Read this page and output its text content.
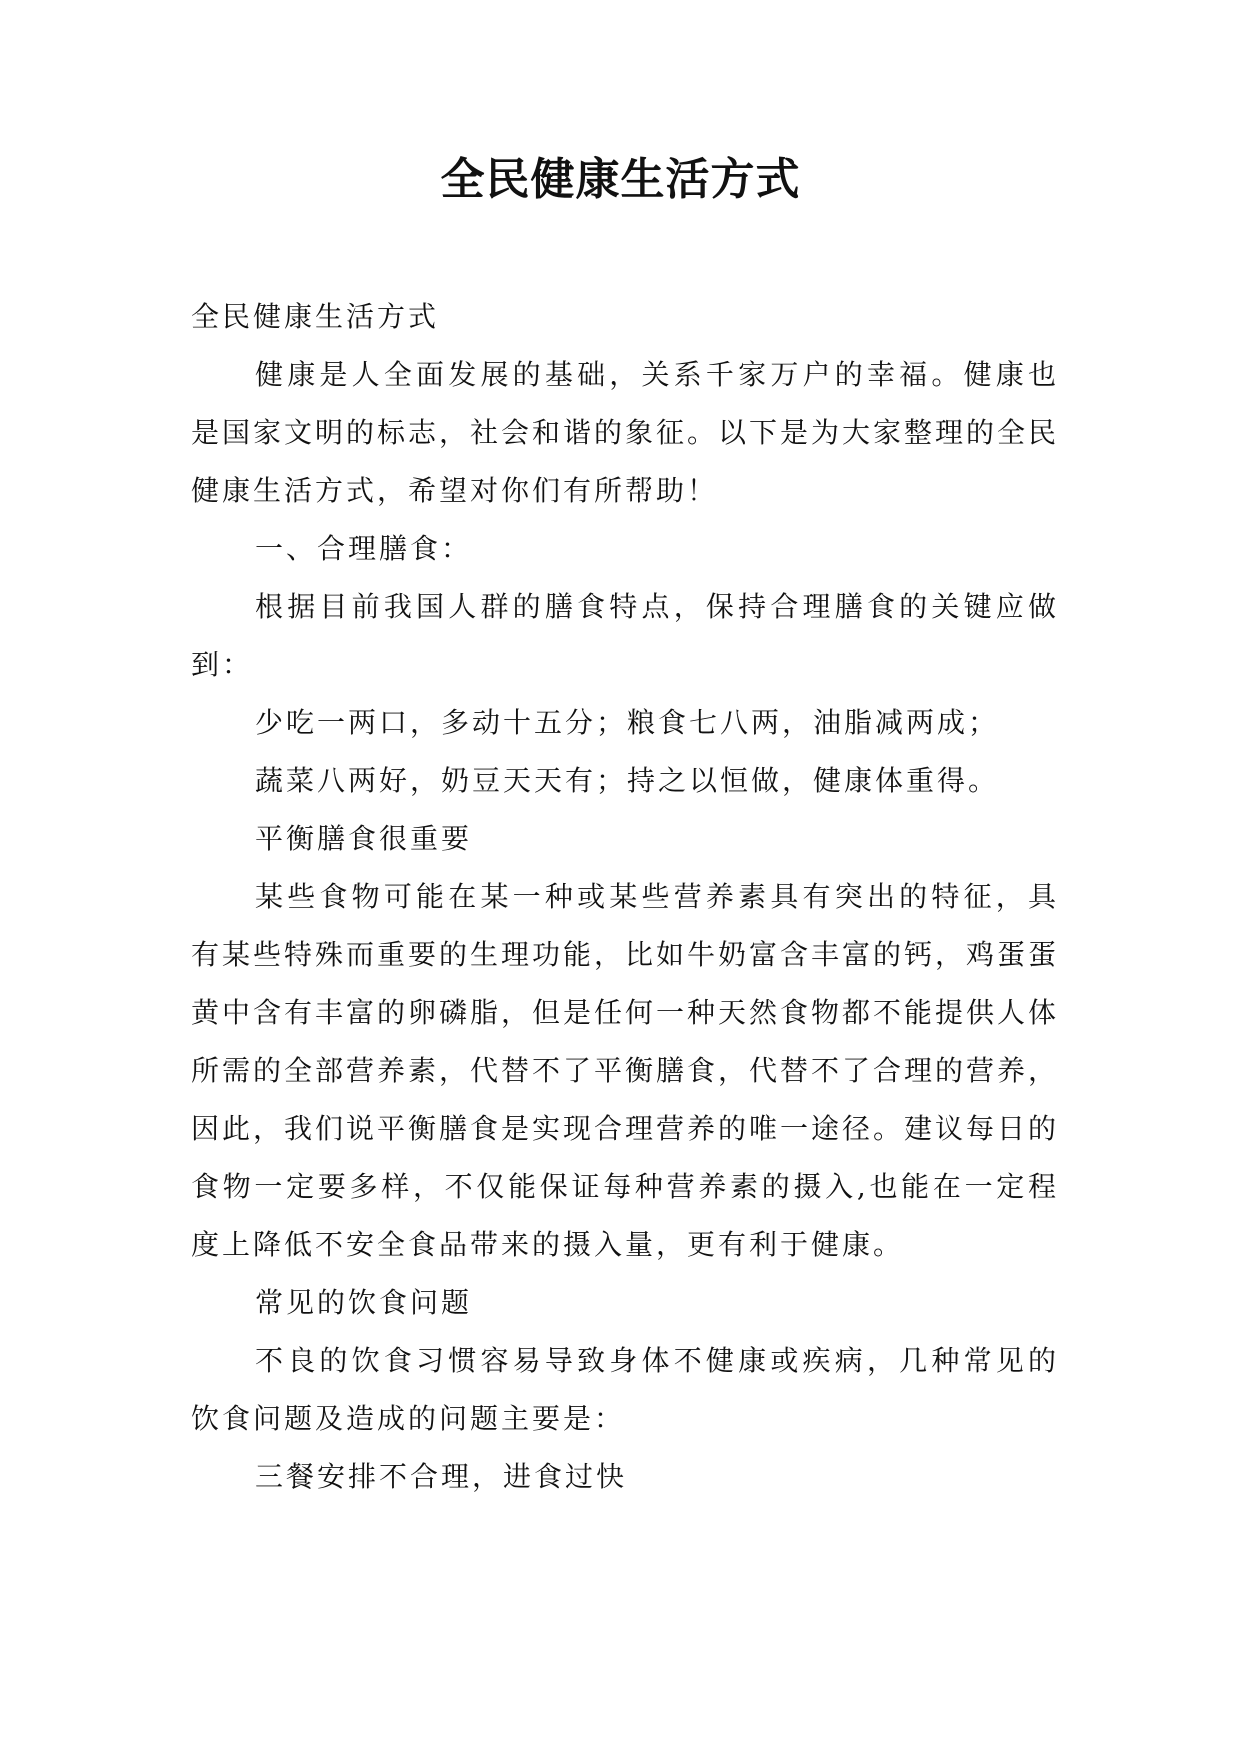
全民健康生活方式

全民健康生活方式

健康是人全面发展的基础，关系千家万户的幸福。健康也是国家文明的标志，社会和谐的象征。以下是为大家整理的全民健康生活方式，希望对你们有所帮助！

一、合理膳食：

根据目前我国人群的膳食特点，保持合理膳食的关键应做到：

少吃一两口，多动十五分；粮食七八两，油脂减两成；

蔬菜八两好，奶豆天天有；持之以恒做，健康体重得。

平衡膳食很重要

某些食物可能在某一种或某些营养素具有突出的特征，具有某些特殊而重要的生理功能，比如牛奶富含丰富的钙，鸡蛋蛋黄中含有丰富的卵磷脂，但是任何一种天然食物都不能提供人体所需的全部营养素，代替不了平衡膳食，代替不了合理的营养，因此，我们说平衡膳食是实现合理营养的唯一途径。建议每日的食物一定要多样，不仅能保证每种营养素的摄入,也能在一定程度上降低不安全食品带来的摄入量，更有利于健康。

常见的饮食问题

不良的饮食习惯容易导致身体不健康或疾病，几种常见的饮食问题及造成的问题主要是：

三餐安排不合理，进食过快
